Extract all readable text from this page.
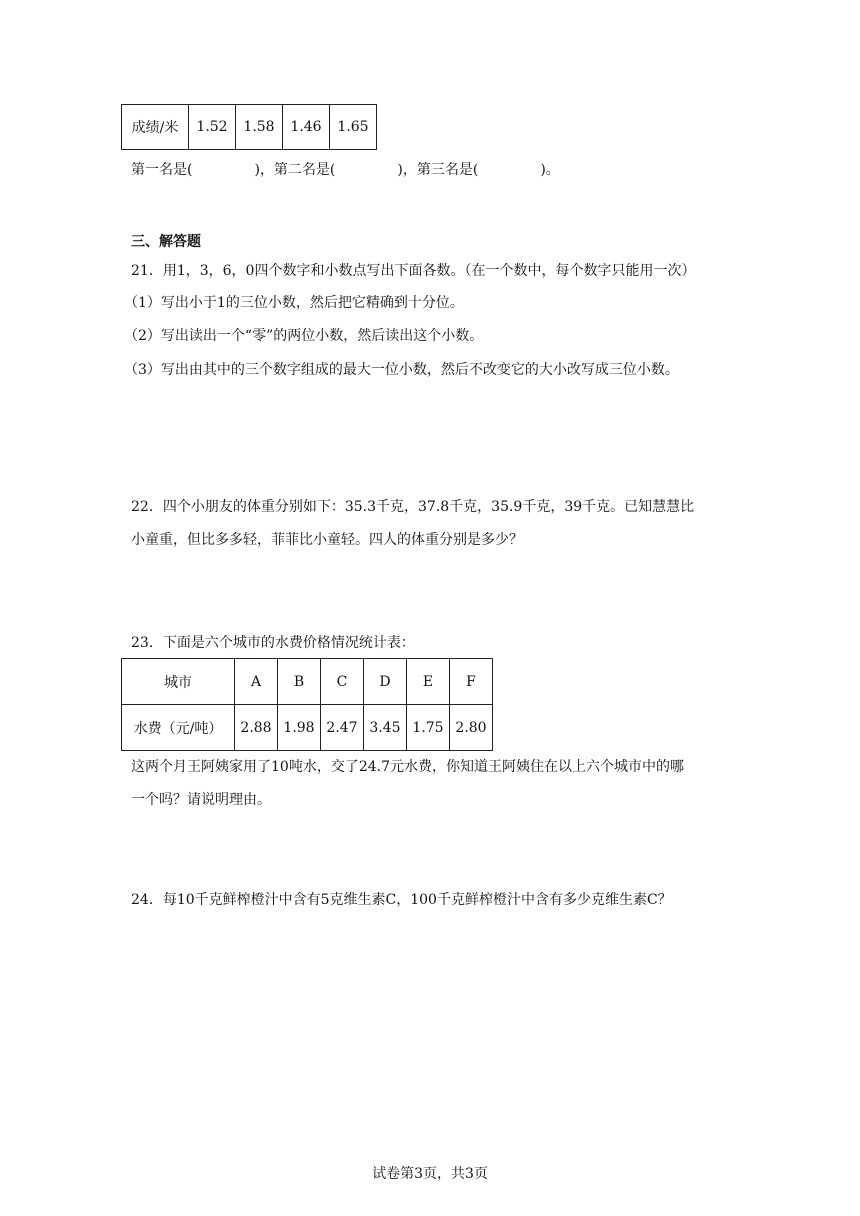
成绩/米	1.52	1.58	1.46	1.65
第一名是(	)，第二名是(	)，第三名是(	)。
三、解答题
21．用1，3，6，0四个数字和小数点写出下面各数。（在一个数中，每个数字只能用一次）
（1）写出小于1的三位小数，然后把它精确到十分位。
（2）写出读出一个“零”的两位小数，然后读出这个小数。
（3）写出由其中的三个数字组成的最大一位小数，然后不改变它的大小改写成三位小数。
22．四个小朋友的体重分别如下：35.3千克，37.8千克，35.9千克，39千克。已知慧慧比
小童重，但比多多轻，菲菲比小童轻。四人的体重分别是多少？
23．下面是六个城市的水费价格情况统计表：
城市	A	B	C	D	E	F
水费（元/吨）	2.88	1.98	2.47	3.45	1.75	2.80
这两个月王阿姨家用了10吨水，交了24.7元水费，你知道王阿姨住在以上六个城市中的哪
一个吗？请说明理由。
24．每10千克鲜榨橙汁中含有5克维生素C，100千克鲜榨橙汁中含有多少克维生素C？
试卷第3页，共3页
